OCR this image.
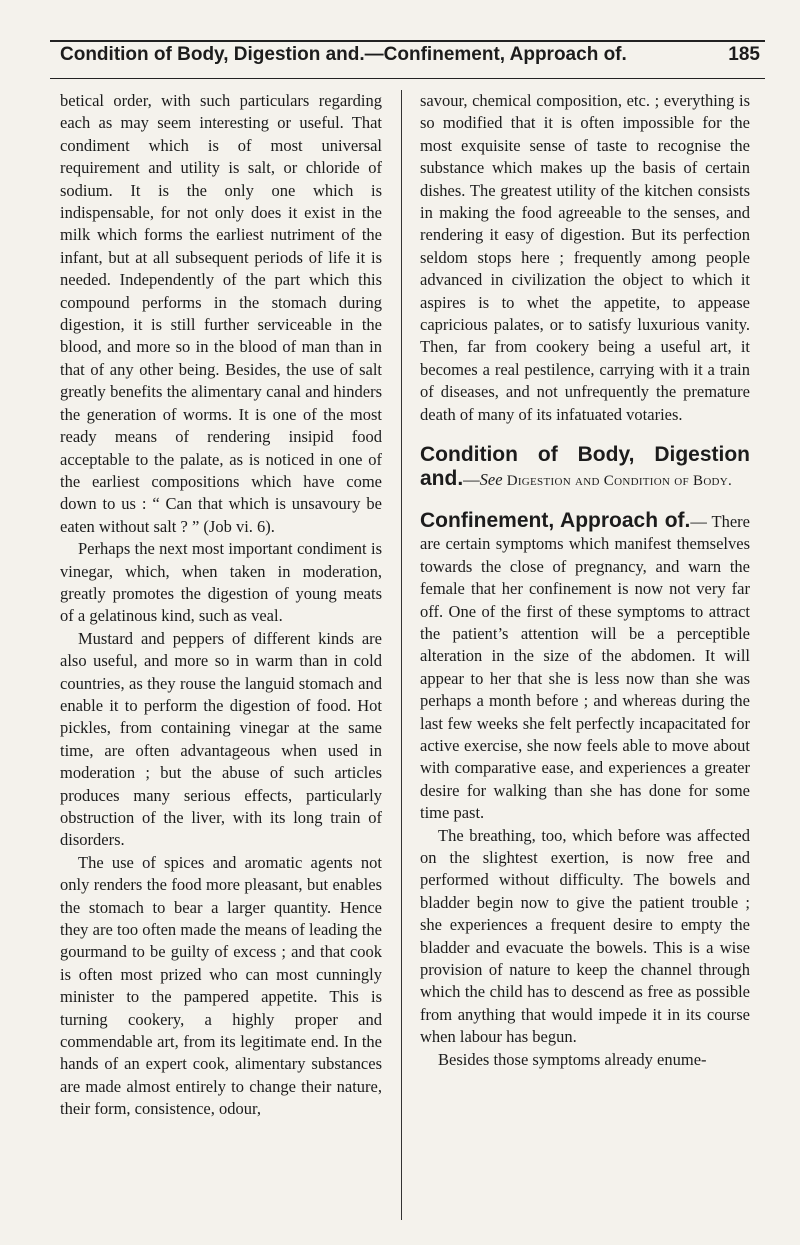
Condition of Body, Digestion and.—Confinement, Approach of.	185

betical order, with such particulars regarding each as may seem interesting or useful. That condiment which is of most universal requirement and utility is salt, or chloride of sodium. It is the only one which is indispensable, for not only does it exist in the milk which forms the earliest nutriment of the infant, but at all subsequent periods of life it is needed. Independently of the part which this compound performs in the stomach during digestion, it is still further serviceable in the blood, and more so in the blood of man than in that of any other being. Besides, the use of salt greatly benefits the alimentary canal and hinders the generation of worms. It is one of the most ready means of rendering insipid food acceptable to the palate, as is noticed in one of the earliest compositions which have come down to us : “ Can that which is unsavoury be eaten without salt ? ” (Job vi. 6).

Perhaps the next most important condiment is vinegar, which, when taken in moderation, greatly promotes the digestion of young meats of a gelatinous kind, such as veal.

Mustard and peppers of different kinds are also useful, and more so in warm than in cold countries, as they rouse the languid stomach and enable it to perform the digestion of food. Hot pickles, from containing vinegar at the same time, are often advantageous when used in moderation ; but the abuse of such articles produces many serious effects, particularly obstruction of the liver, with its long train of disorders.

The use of spices and aromatic agents not only renders the food more pleasant, but enables the stomach to bear a larger quantity. Hence they are too often made the means of leading the gourmand to be guilty of excess ; and that cook is often most prized who can most cunningly minister to the pampered appetite. This is turning cookery, a highly proper and commendable art, from its legitimate end. In the hands of an expert cook, alimentary substances are made almost entirely to change their nature, their form, consistence, odour,

savour, chemical composition, etc. ; everything is so modified that it is often impossible for the most exquisite sense of taste to recognise the substance which makes up the basis of certain dishes. The greatest utility of the kitchen consists in making the food agreeable to the senses, and rendering it easy of digestion. But its perfection seldom stops here ; frequently among people advanced in civilization the object to which it aspires is to whet the appetite, to appease capricious palates, or to satisfy luxurious vanity. Then, far from cookery being a useful art, it becomes a real pestilence, carrying with it a train of diseases, and not unfrequently the premature death of many of its infatuated votaries.

Condition of Body, Digestion and.—See Digestion and Condition of Body.

Confinement, Approach of.— There are certain symptoms which manifest themselves towards the close of pregnancy, and warn the female that her confinement is now not very far off. One of the first of these symptoms to attract the patient’s attention will be a perceptible alteration in the size of the abdomen. It will appear to her that she is less now than she was perhaps a month before ; and whereas during the last few weeks she felt perfectly incapacitated for active exercise, she now feels able to move about with comparative ease, and experiences a greater desire for walking than she has done for some time past.

The breathing, too, which before was affected on the slightest exertion, is now free and performed without difficulty. The bowels and bladder begin now to give the patient trouble ; she experiences a frequent desire to empty the bladder and evacuate the bowels. This is a wise provision of nature to keep the channel through which the child has to descend as free as possible from anything that would impede it in its course when labour has begun.

Besides those symptoms already enume-
